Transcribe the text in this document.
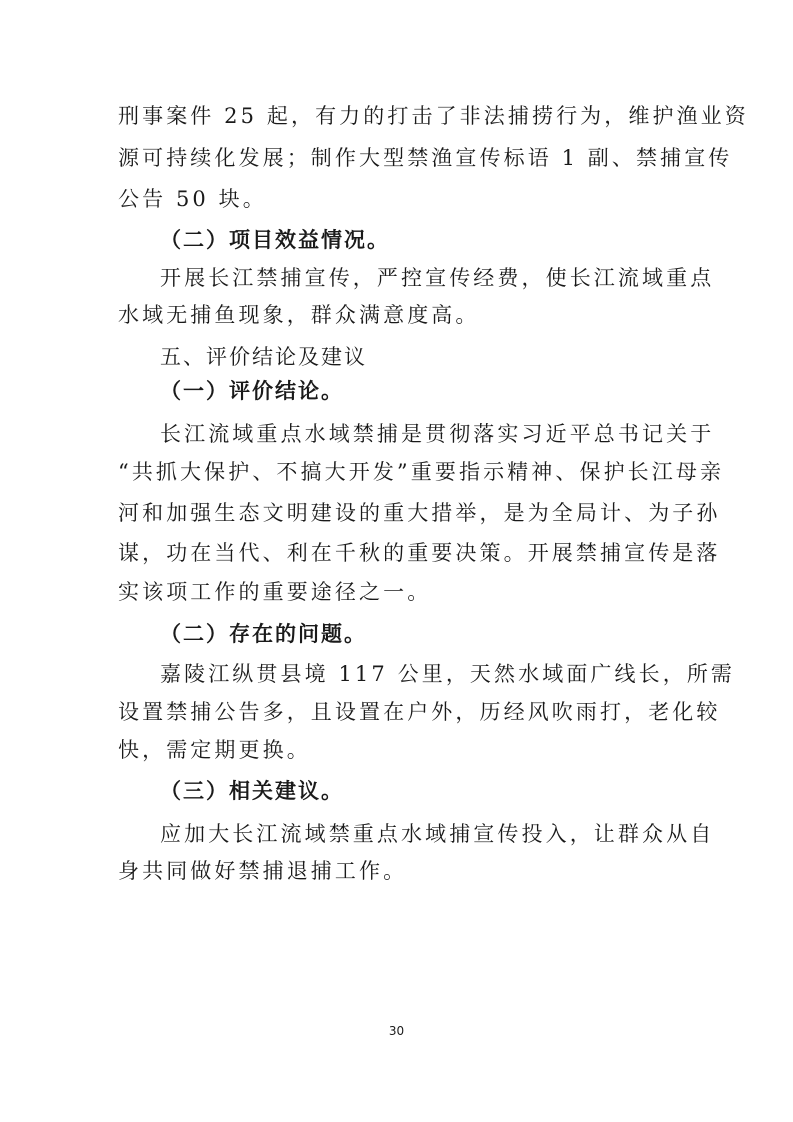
刑事案件 25 起，有力的打击了非法捕捞行为，维护渔业资
源可持续化发展；制作大型禁渔宣传标语 1 副、禁捕宣传
公告 50 块。
（二）项目效益情况。
开展长江禁捕宣传，严控宣传经费，使长江流域重点
水域无捕鱼现象，群众满意度高。
五、评价结论及建议
（一）评价结论。
长江流域重点水域禁捕是贯彻落实习近平总书记关于
“共抓大保护、不搞大开发”重要指示精神、保护长江母亲
河和加强生态文明建设的重大措举，是为全局计、为子孙
谋，功在当代、利在千秋的重要决策。开展禁捕宣传是落
实该项工作的重要途径之一。
（二）存在的问题。
嘉陵江纵贯县境 117 公里，天然水域面广线长，所需
设置禁捕公告多，且设置在户外，历经风吹雨打，老化较
快，需定期更换。
（三）相关建议。
应加大长江流域禁重点水域捕宣传投入，让群众从自
身共同做好禁捕退捕工作。
30
